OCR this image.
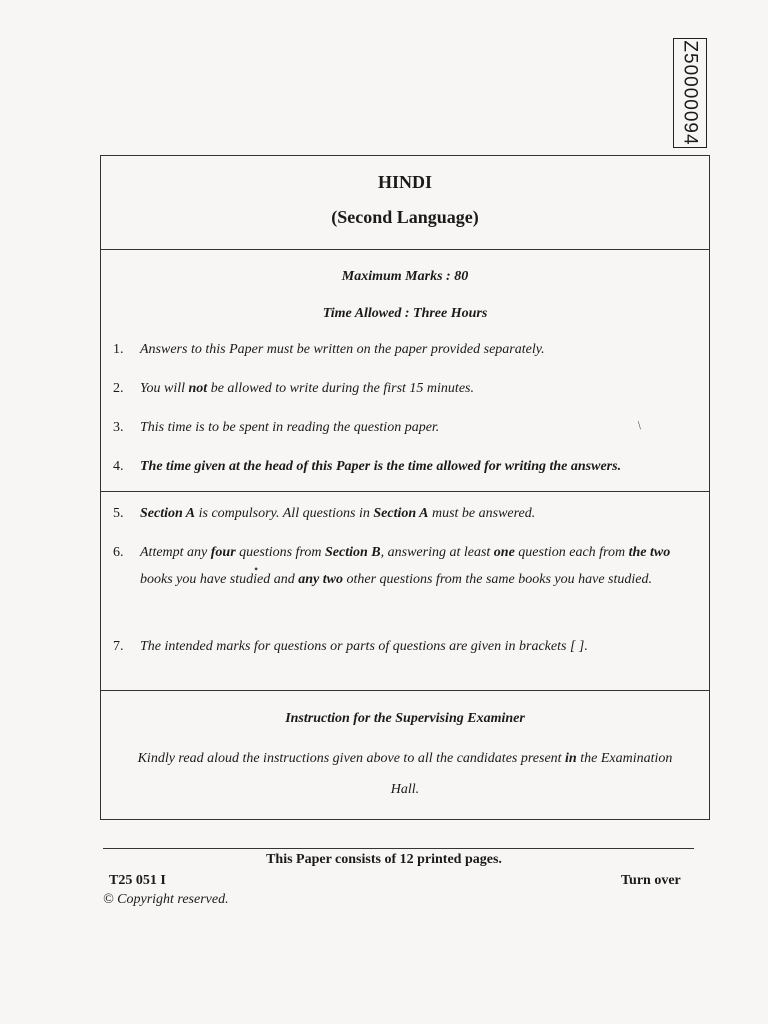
Z50000094
HINDI
(Second Language)
Maximum Marks : 80
Time Allowed : Three Hours
1.	Answers to this Paper must be written on the paper provided separately.
2.	You will not be allowed to write during the first 15 minutes.
3.	This time is to be spent in reading the question paper.
4.	The time given at the head of this Paper is the time allowed for writing the answers.
5.	Section A is compulsory. All questions in Section A must be answered.
6.	Attempt any four questions from Section B, answering at least one question each from the two books you have studied and any two other questions from the same books you have studied.
7.	The intended marks for questions or parts of questions are given in brackets [ ].
Instruction for the Supervising Examiner
Kindly read aloud the instructions given above to all the candidates present in the Examination Hall.
This Paper consists of 12 printed pages.
T25 051 I	Turn over
© Copyright reserved.
/
•
